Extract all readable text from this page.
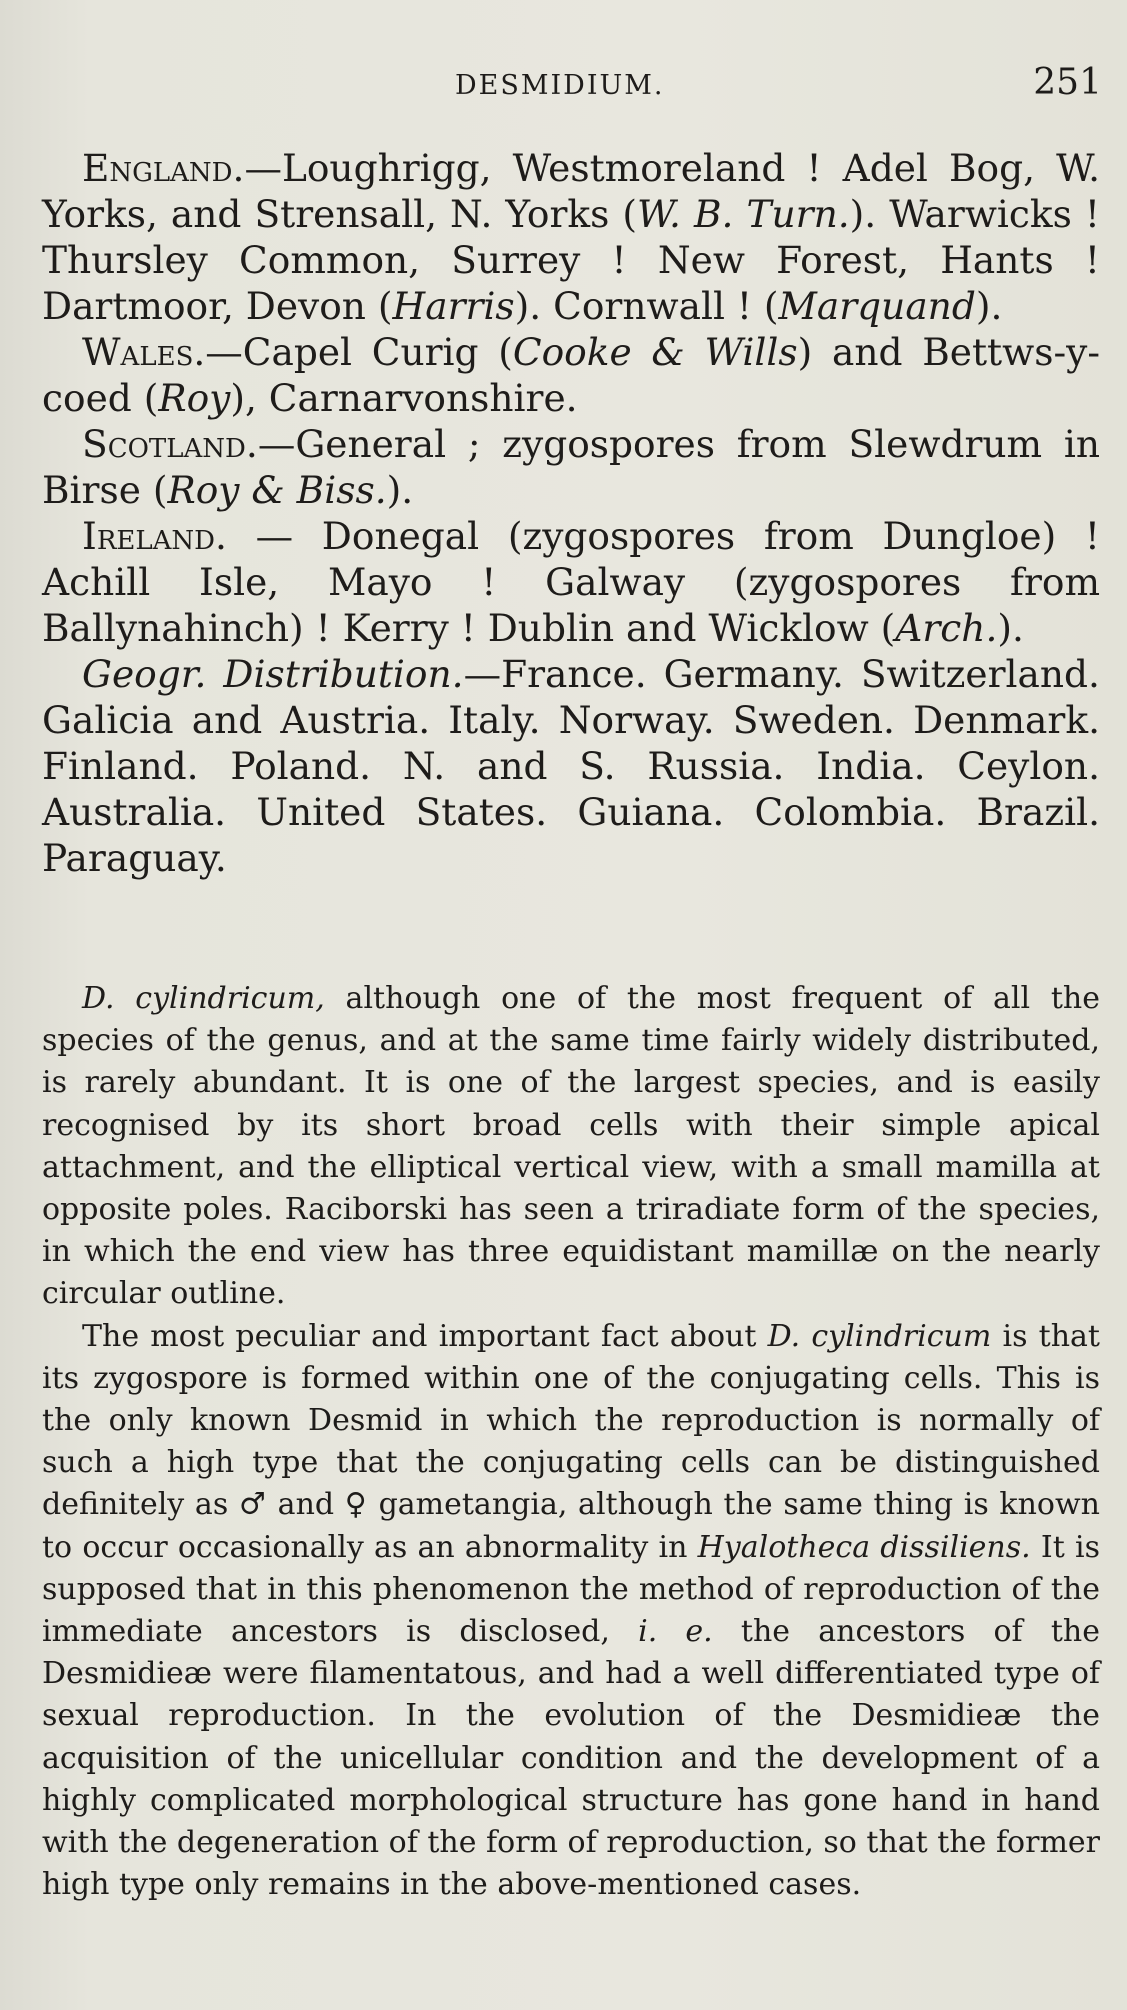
DESMIDIUM.	251

England.—Loughrigg, Westmoreland ! Adel Bog, W. Yorks, and Strensall, N. Yorks (W. B. Turn.). Warwicks ! Thursley Common, Surrey ! New Forest, Hants ! Dartmoor, Devon (Harris). Cornwall ! (Marquand).

Wales.—Capel Curig (Cooke & Wills) and Bettws-y-coed (Roy), Carnarvonshire.

Scotland.—General ; zygospores from Slewdrum in Birse (Roy & Biss.).

Ireland. — Donegal (zygospores from Dungloe) ! Achill Isle, Mayo ! Galway (zygospores from Ballynahinch) ! Kerry ! Dublin and Wicklow (Arch.).

Geogr. Distribution.—France. Germany. Switzerland. Galicia and Austria. Italy. Norway. Sweden. Denmark. Finland. Poland. N. and S. Russia. India. Ceylon. Australia. United States. Guiana. Colombia. Brazil. Paraguay.

D. cylindricum, although one of the most frequent of all the species of the genus, and at the same time fairly widely distributed, is rarely abundant. It is one of the largest species, and is easily recognised by its short broad cells with their simple apical attachment, and the elliptical vertical view, with a small mamilla at opposite poles. Raciborski has seen a triradiate form of the species, in which the end view has three equidistant mamillæ on the nearly circular outline.

The most peculiar and important fact about D. cylindricum is that its zygospore is formed within one of the conjugating cells. This is the only known Desmid in which the reproduction is normally of such a high type that the conjugating cells can be distinguished definitely as ♂ and ♀ gametangia, although the same thing is known to occur occasionally as an abnormality in Hyalotheca dissiliens. It is supposed that in this phenomenon the method of reproduction of the immediate ancestors is disclosed, i. e. the ancestors of the Desmidieæ were filamentatous, and had a well differentiated type of sexual reproduction. In the evolution of the Desmidieæ the acquisition of the unicellular condition and the development of a highly complicated morphological structure has gone hand in hand with the degeneration of the form of reproduction, so that the former high type only remains in the above-mentioned cases.
